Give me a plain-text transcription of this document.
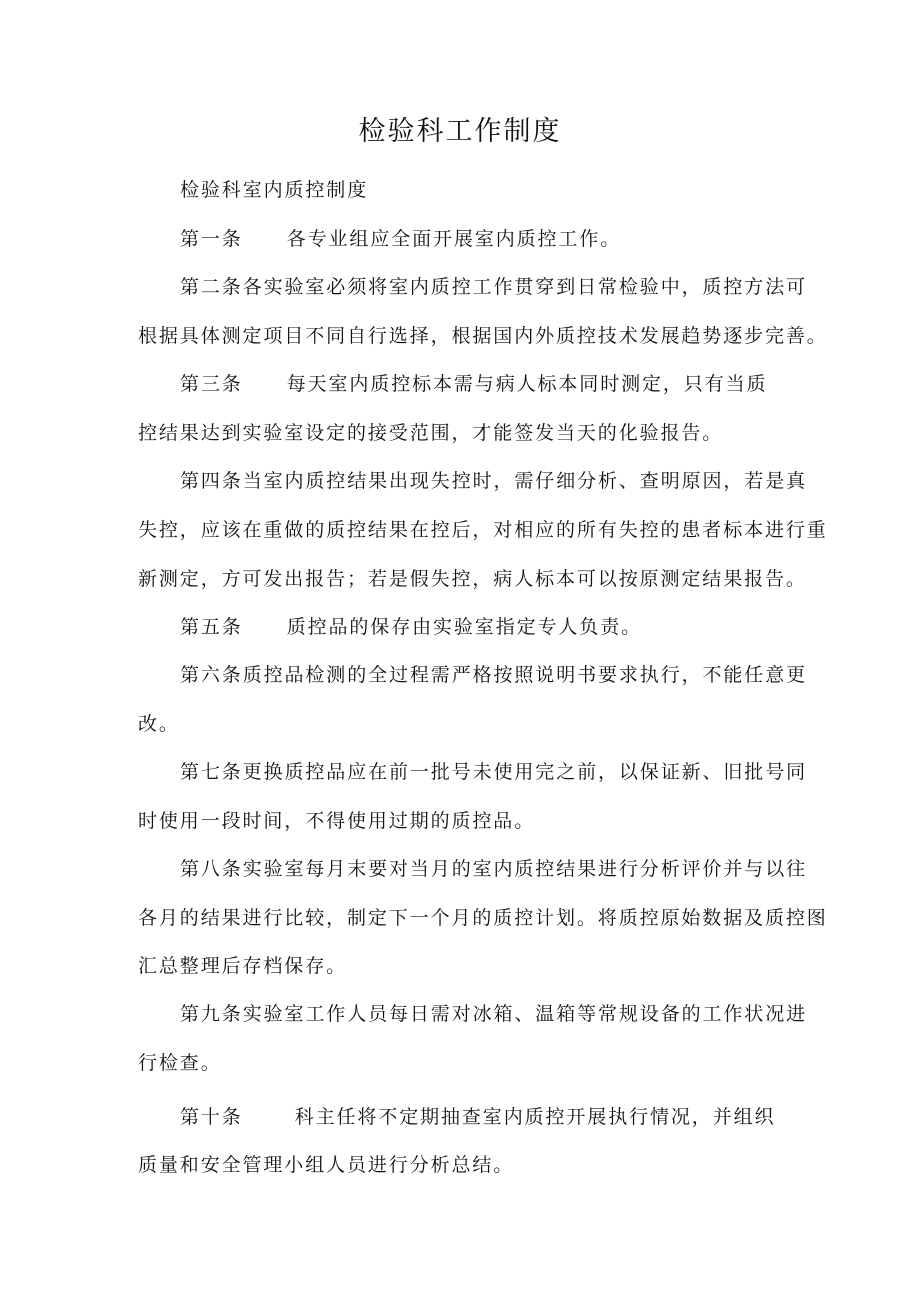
检验科工作制度
检验科室内质控制度
第一条 各专业组应全面开展室内质控工作。
第二条各实验室必须将室内质控工作贯穿到日常检验中，质控方法可
根据具体测定项目不同自行选择，根据国内外质控技术发展趋势逐步完善。
第三条 每天室内质控标本需与病人标本同时测定，只有当质
控结果达到实验室设定的接受范围，才能签发当天的化验报告。
第四条当室内质控结果出现失控时，需仔细分析、查明原因，若是真
失控，应该在重做的质控结果在控后，对相应的所有失控的患者标本进行重
新测定，方可发出报告；若是假失控，病人标本可以按原测定结果报告。
第五条 质控品的保存由实验室指定专人负责。
第六条质控品检测的全过程需严格按照说明书要求执行，不能任意更
改。
第七条更换质控品应在前一批号未使用完之前，以保证新、旧批号同
时使用一段时间，不得使用过期的质控品。
第八条实验室每月末要对当月的室内质控结果进行分析评价并与以往
各月的结果进行比较，制定下一个月的质控计划。将质控原始数据及质控图
汇总整理后存档保存。
第九条实验室工作人员每日需对冰箱、温箱等常规设备的工作状况进
行检查。
第十条	科主任将不定期抽查室内质控开展执行情况，并组织
质量和安全管理小组人员进行分析总结。
